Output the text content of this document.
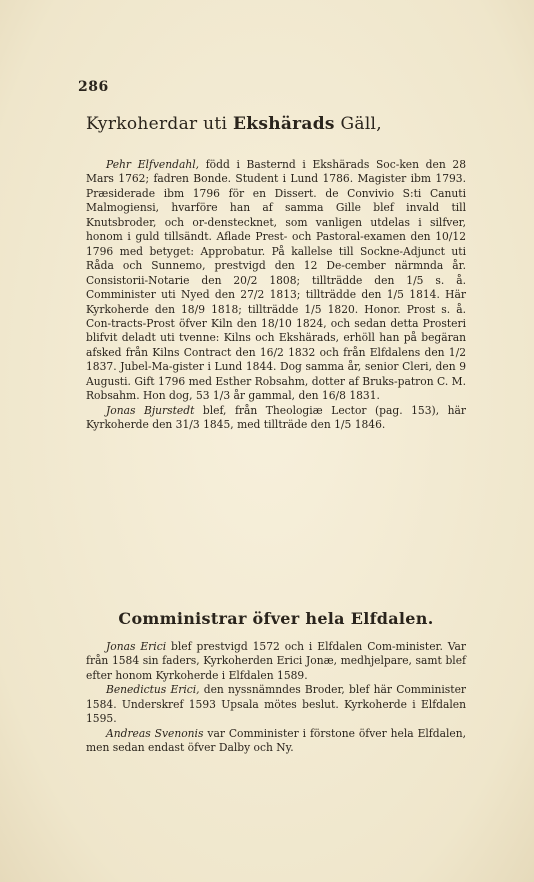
286
Kyrkoherdar uti Ekshärads Gäll,

Pehr Elfvendahl, född i Basternd i Ekshärads Soc-ken den 28 Mars 1762; fadren Bonde. Student i Lund 1786. Magister ibm 1793. Præsiderade ibm 1796 för en Dissert. de Convivio S:ti Canuti Malmogiensi, hvarföre han af samma Gille blef invald till Knutsbroder, och or-denstecknet, som vanligen utdelas i silfver, honom i guld tillsändt. Aflade Prest- och Pastoral-examen den 10/12 1796 med betyget: Approbatur. På kallelse till Sockne-Adjunct uti Råda och Sunnemo, prestvigd den 12 De-cember närmnda år. Consistorii-Notarie den 20/2 1808; tillträdde den 1/5 s. å. Comminister uti Nyed den 27/2 1813; tillträdde den 1/5 1814. Här Kyrkoherde den 18/9 1818; tillträdde 1/5 1820. Honor. Prost s. å. Con-tracts-Prost öfver Kiln den 18/10 1824, och sedan detta Prosteri blifvit deladt uti tvenne: Kilns och Ekshärads, erhöll han på begäran afsked från Kilns Contract den 16/2 1832 och från Elfdalens den 1/2 1837. Jubel-Ma-gister i Lund 1844. Dog samma år, senior Cleri, den 9 Augusti. Gift 1796 med Esther Robsahm, dotter af Bruks-patron C. M. Robsahm. Hon dog, 53 1/3 år gammal, den 16/8 1831.

Jonas Bjurstedt blef, från Theologiæ Lector (pag. 153), här Kyrkoherde den 31/3 1845, med tillträde den 1/5 1846.

Comministrar öfver hela Elfdalen.

Jonas Erici blef prestvigd 1572 och i Elfdalen Com-minister. Var från 1584 sin faders, Kyrkoherden Erici Jonæ, medhjelpare, samt blef efter honom Kyrkoherde i Elfdalen 1589.

Benedictus Erici, den nyssnämndes Broder, blef här Comminister 1584. Underskref 1593 Upsala mötes beslut. Kyrkoherde i Elfdalen 1595.

Andreas Svenonis var Comminister i förstone öfver hela Elfdalen, men sedan endast öfver Dalby och Ny.
